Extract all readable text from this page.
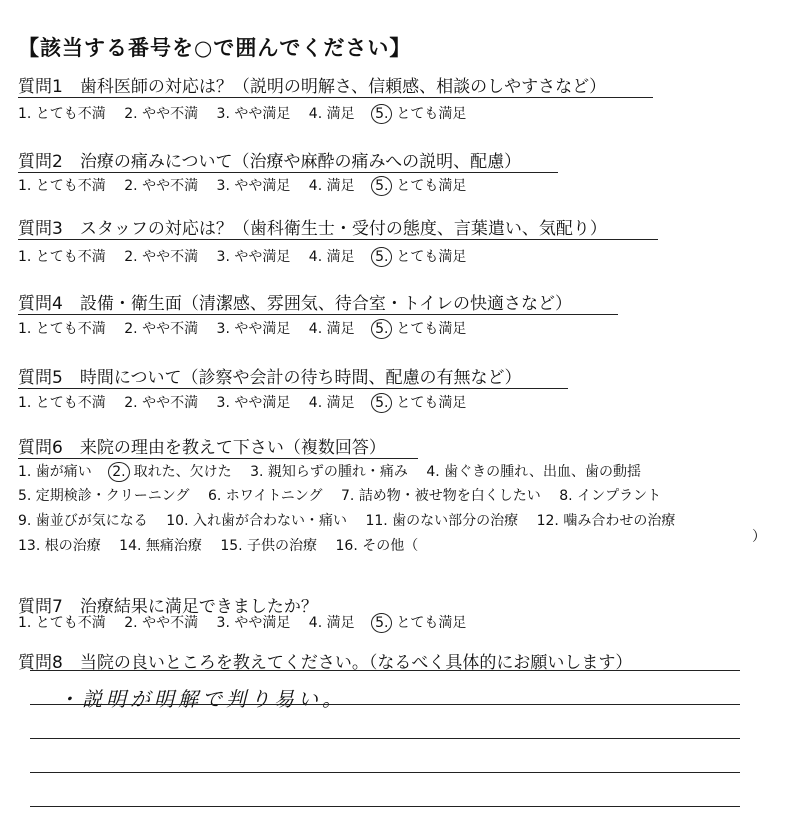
【該当する番号を○で囲んでください】
質問1　歯科医師の対応は？（説明の明解さ、信頼感、相談のしやすさなど）
1. とても不満 2. やや不満 3. やや満足 4. 満足 5. とても満足
質問2　治療の痛みについて（治療や麻酔の痛みへの説明、配慮）
1. とても不満 2. やや不満 3. やや満足 4. 満足 5. とても満足
質問3　スタッフの対応は？（歯科衛生士・受付の態度、言葉遣い、気配り）
1. とても不満 2. やや不満 3. やや満足 4. 満足 5. とても満足
質問4　設備・衛生面（清潔感、雰囲気、待合室・トイレの快適さなど）
1. とても不満 2. やや不満 3. やや満足 4. 満足 5. とても満足
質問5　時間について（診察や会計の待ち時間、配慮の有無など）
1. とても不満 2. やや不満 3. やや満足 4. 満足 5. とても満足
質問6　来院の理由を教えて下さい（複数回答）
1. 歯が痛い 2. 取れた、欠けた 3. 親知らずの腫れ・痛み 4. 歯ぐきの腫れ、出血、歯の動揺
5. 定期検診・クリーニング 6. ホワイトニング 7. 詰め物・被せ物を白くしたい 8. インプラント
9. 歯並びが気になる 10. 入れ歯が合わない・痛い 11. 歯のない部分の治療 12. 噛み合わせの治療
13. 根の治療 14. 無痛治療 15. 子供の治療 16. その他（
）
質問7　治療結果に満足できましたか？
1. とても不満 2. やや不満 3. やや満足 4. 満足 5. とても満足
質問8　当院の良いところを教えてください。（なるべく具体的にお願いします）
・説明が明解で判り易い。
